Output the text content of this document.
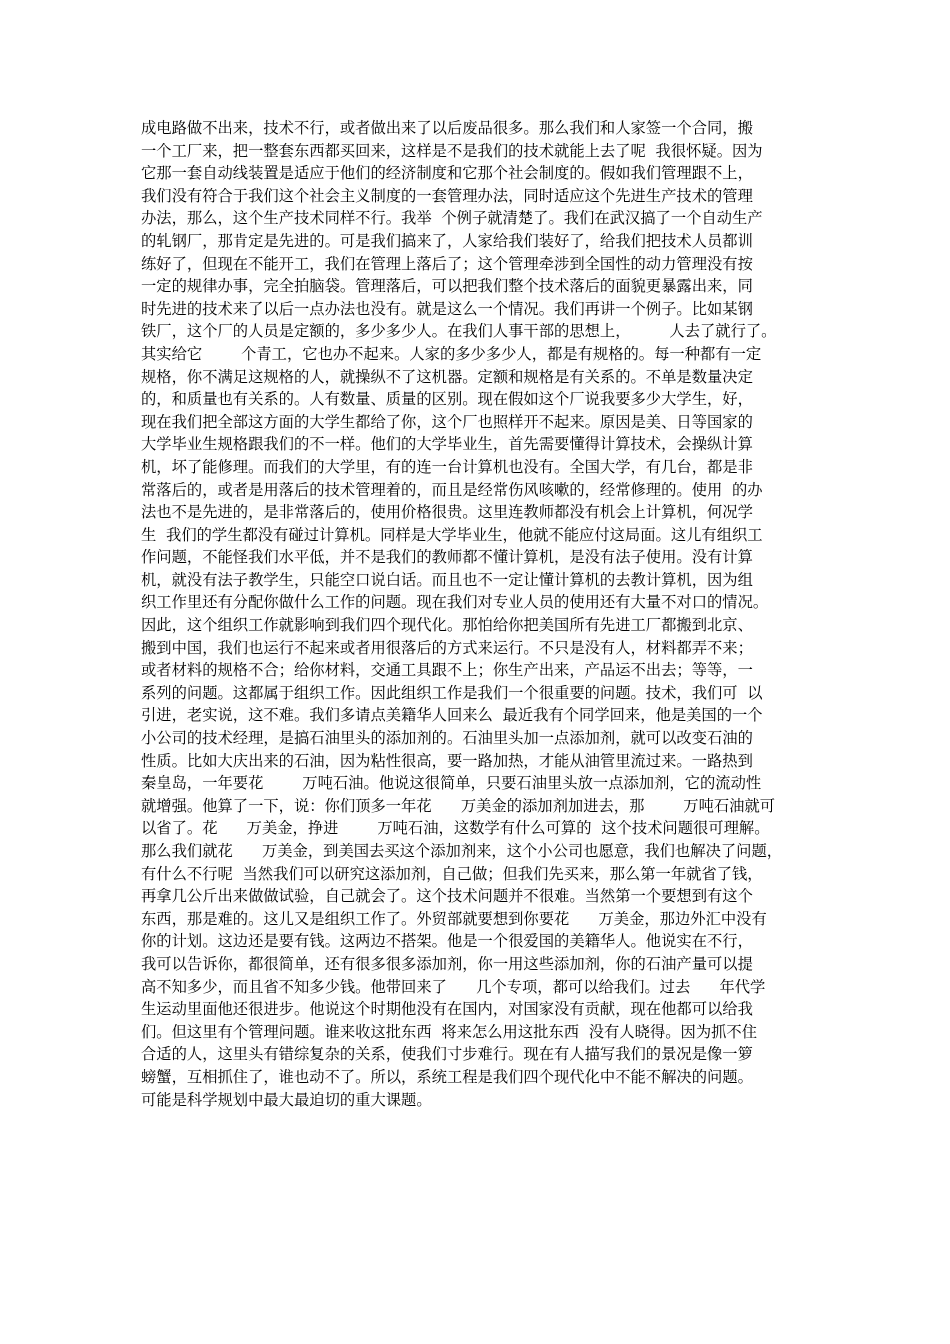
成电路做不出来，技术不行，或者做出来了以后废品很多。那么我们和人家签一个合同，搬
一个工厂来，把一整套东西都买回来，这样是不是我们的技术就能上去了呢  我很怀疑。因为
它那一套自动线装置是适应于他们的经济制度和它那个社会制度的。假如我们管理跟不上，
我们没有符合于我们这个社会主义制度的一套管理办法，同时适应这个先进生产技术的管理
办法，那么，这个生产技术同样不行。我举  个例子就清楚了。我们在武汉搞了一个自动生产
的轧钢厂，那肯定是先进的。可是我们搞来了，人家给我们装好了，给我们把技术人员都训
练好了，但现在不能开工，我们在管理上落后了；这个管理牵涉到全国性的动力管理没有按
一定的规律办事，完全拍脑袋。管理落后，可以把我们整个技术落后的面貌更暴露出来，同
时先进的技术来了以后一点办法也没有。就是这么一个情况。我们再讲一个例子。比如某钢
铁厂，这个厂的人员是定额的，多少多少人。在我们人事干部的思想上，        人去了就行了。
其实给它        个青工，它也办不起来。人家的多少多少人，都是有规格的。每一种都有一定
规格，你不满足这规格的人，就操纵不了这机器。定额和规格是有关系的。不单是数量决定
的，和质量也有关系的。人有数量、质量的区别。现在假如这个厂说我要多少大学生，好，
现在我们把全部这方面的大学生都给了你，这个厂也照样开不起来。原因是美、日等国家的
大学毕业生规格跟我们的不一样。他们的大学毕业生，首先需要懂得计算技术，会操纵计算
机，坏了能修理。而我们的大学里，有的连一台计算机也没有。全国大学，有几台，都是非
常落后的，或者是用落后的技术管理着的，而且是经常伤风咳嗽的，经常修理的。使用  的办
法也不是先进的，是非常落后的，使用价格很贵。这里连教师都没有机会上计算机，何况学
生  我们的学生都没有碰过计算机。同样是大学毕业生，他就不能应付这局面。这儿有组织工
作问题，不能怪我们水平低，并不是我们的教师都不懂计算机，是没有法子使用。没有计算
机，就没有法子教学生，只能空口说白话。而且也不一定让懂计算机的去教计算机，因为组
织工作里还有分配你做什么工作的问题。现在我们对专业人员的使用还有大量不对口的情况。
因此，这个组织工作就影响到我们四个现代化。那怕给你把美国所有先进工厂都搬到北京、
搬到中国，我们也运行不起来或者用很落后的方式来运行。不只是没有人，材料都弄不来；
或者材料的规格不合；给你材料，交通工具跟不上；你生产出来，产品运不出去；等等，一
系列的问题。这都属于组织工作。因此组织工作是我们一个很重要的问题。技术，我们可  以
引进，老实说，这不难。我们多请点美籍华人回来么  最近我有个同学回来，他是美国的一个
小公司的技术经理，是搞石油里头的添加剂的。石油里头加一点添加剂，就可以改变石油的
性质。比如大庆出来的石油，因为粘性很高，要一路加热，才能从油管里流过来。一路热到
秦皇岛，一年要花        万吨石油。他说这很简单，只要石油里头放一点添加剂，它的流动性
就增强。他算了一下，说：你们顶多一年花      万美金的添加剂加进去，那        万吨石油就可
以省了。花      万美金，挣进        万吨石油，这数学有什么可算的  这个技术问题很可理解。
那么我们就花      万美金，到美国去买这个添加剂来，这个小公司也愿意，我们也解决了问题，
有什么不行呢  当然我们可以研究这添加剂，自己做；但我们先买来，那么第一年就省了钱，
再拿几公斤出来做做试验，自己就会了。这个技术问题并不很难。当然第一个要想到有这个
东西，那是难的。这儿又是组织工作了。外贸部就要想到你要花      万美金，那边外汇中没有
你的计划。这边还是要有钱。这两边不搭架。他是一个很爱国的美籍华人。他说实在不行，
我可以告诉你，都很简单，还有很多很多添加剂，你一用这些添加剂，你的石油产量可以提
高不知多少，而且省不知多少钱。他带回来了      几个专项，都可以给我们。过去      年代学
生运动里面他还很进步。他说这个时期他没有在国内，对国家没有贡献，现在他都可以给我
们。但这里有个管理问题。谁来收这批东西  将来怎么用这批东西  没有人晓得。因为抓不住
合适的人，这里头有错综复杂的关系，使我们寸步难行。现在有人描写我们的景况是像一箩
螃蟹，互相抓住了，谁也动不了。所以，系统工程是我们四个现代化中不能不解决的问题。
可能是科学规划中最大最迫切的重大课题。
